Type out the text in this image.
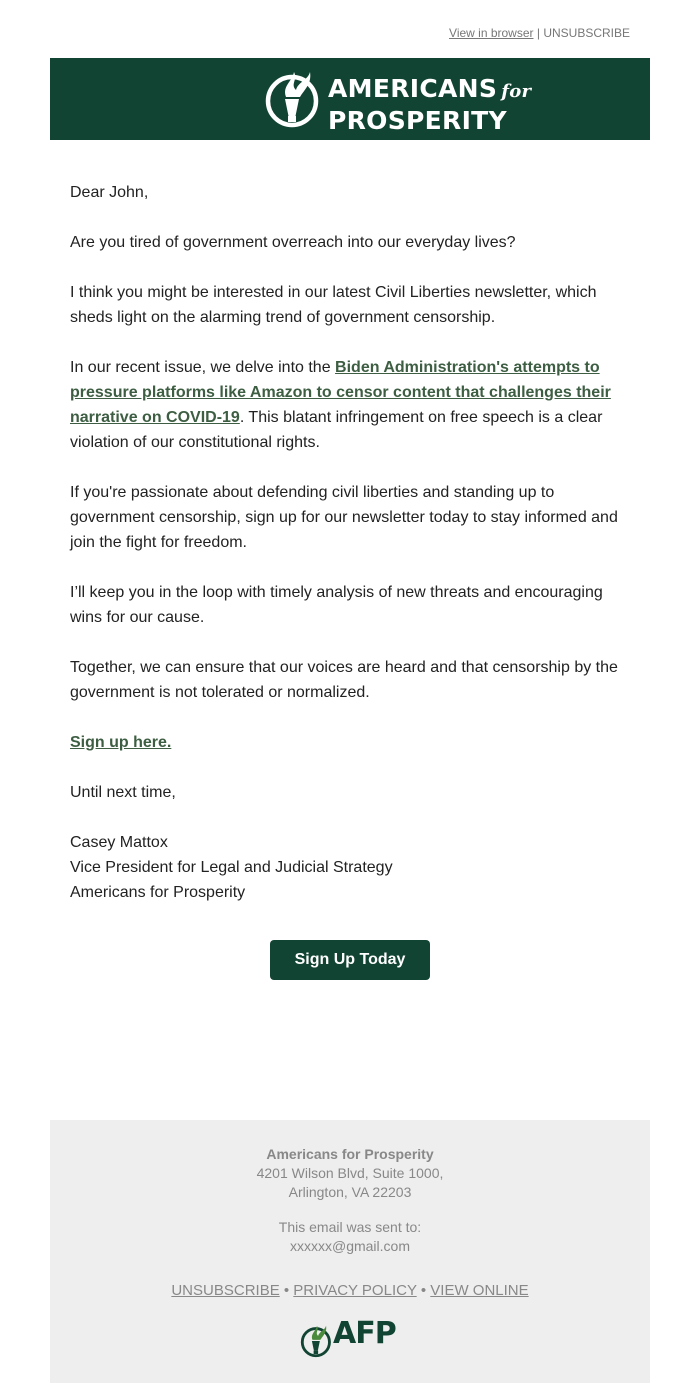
View in browser | UNSUBSCRIBE
AMERICANS for
PROSPERITY

Dear John,

Are you tired of government overreach into our everyday lives?

I think you might be interested in our latest Civil Liberties newsletter, which sheds light on the alarming trend of government censorship.

In our recent issue, we delve into the Biden Administration's attempts to pressure platforms like Amazon to censor content that challenges their narrative on COVID-19. This blatant infringement on free speech is a clear violation of our constitutional rights.

If you're passionate about defending civil liberties and standing up to government censorship, sign up for our newsletter today to stay informed and join the fight for freedom.

I’ll keep you in the loop with timely analysis of new threats and encouraging wins for our cause.

Together, we can ensure that our voices are heard and that censorship by the government is not tolerated or normalized.

Sign up here.

Until next time,

Casey Mattox
Vice President for Legal and Judicial Strategy
Americans for Prosperity

Sign Up Today
Americans for Prosperity
4201 Wilson Blvd, Suite 1000,
Arlington, VA 22203
This email was sent to:
xxxxxx@gmail.com
UNSUBSCRIBE • PRIVACY POLICY • VIEW ONLINE
AFP
